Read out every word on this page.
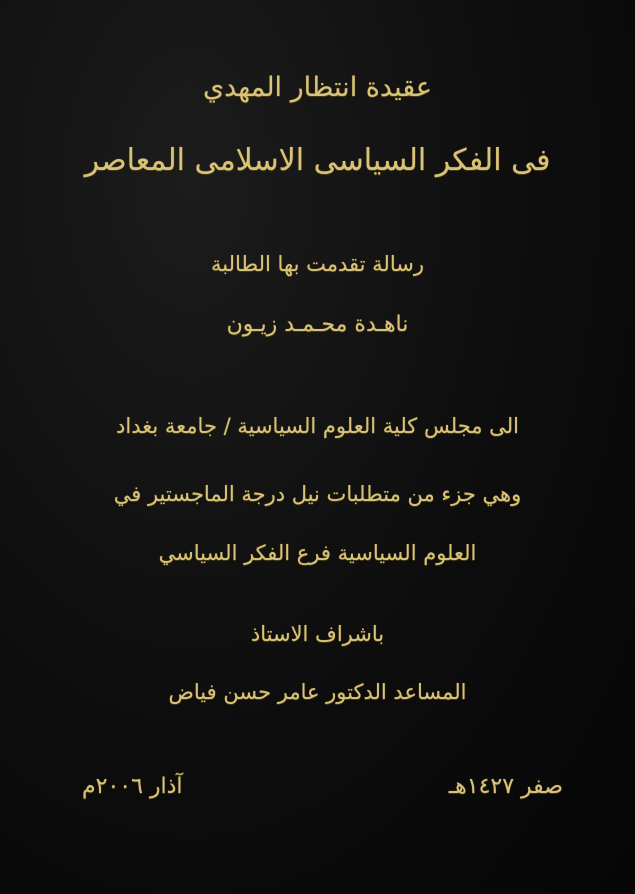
عقيدة انتظار المهدي
فى الفكر السياسى الاسلامى المعاصر
رسالة تقدمت بها الطالبة
ناهـدة محـمـد زيـون
الى مجلس كلية العلوم السياسية / جامعة بغداد
وهي جزء من متطلبات نيل درجة الماجستير في
العلوم السياسية فرع الفكر السياسي
باشراف الاستاذ
المساعد الدكتور عامر حسن فياض
صفر ١٤٢٧هـ
آذار ٢٠٠٦م
